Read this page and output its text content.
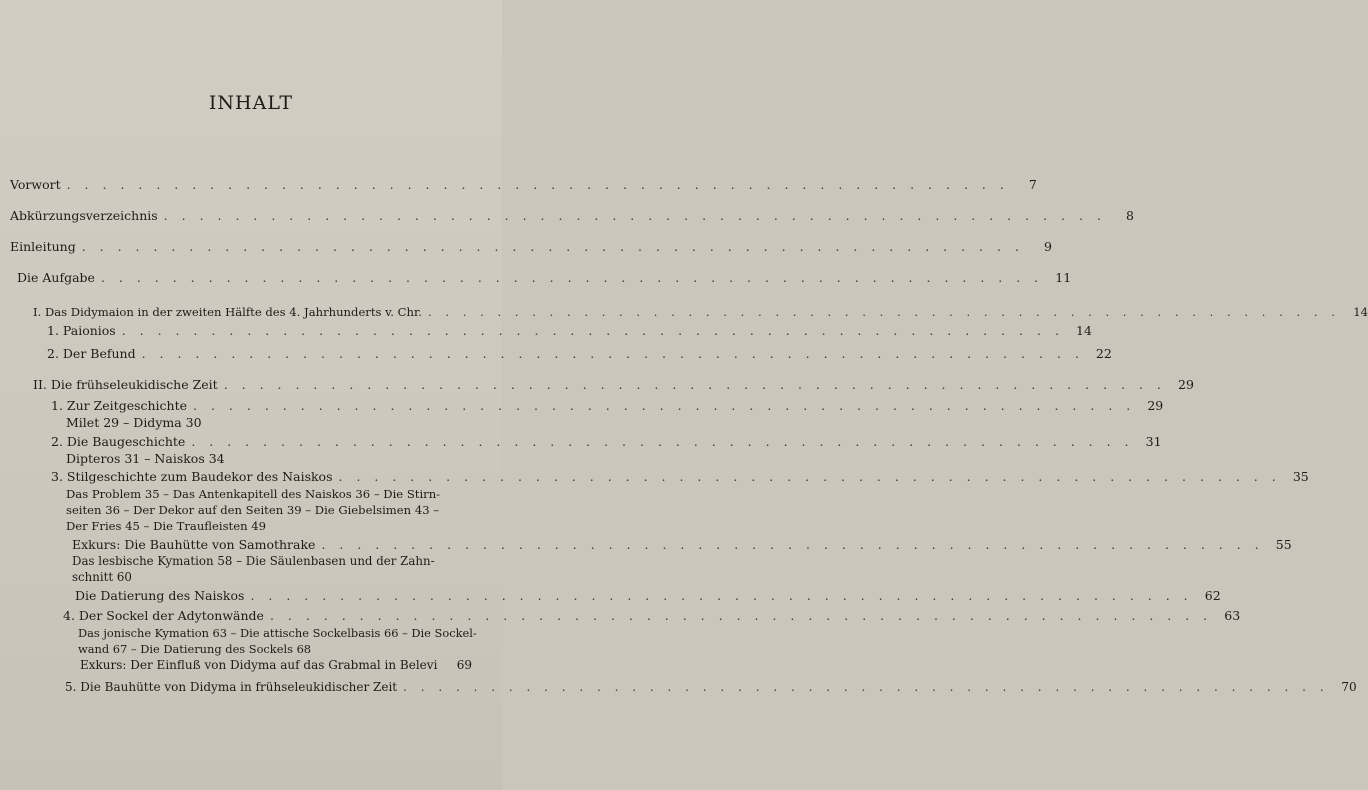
INHALT
Vorwort . . . . . . . . . . . . . . . . . . . . . . . . . . . . . . . . . . . . . . . . . . . . . . . . . . . . .	7
Abkürzungsverzeichnis . . . . . . . . . . . . . . . . . . . . . . . . . . . . . . . . . . . . . . . . . . . . . . . . . . . . .	8
Einleitung . . . . . . . . . . . . . . . . . . . . . . . . . . . . . . . . . . . . . . . . . . . . . . . . . . . . .	9
Die Aufgabe . . . . . . . . . . . . . . . . . . . . . . . . . . . . . . . . . . . . . . . . . . . . . . . . . . . . . 11
I. Das Didymaion in der zweiten Hälfte des 4. Jahrhunderts v. Chr. . . . . . . . . . . . . . . . . . . . . . . . . . . . . . . . . . . . . . . . . . . . . . . . . . . . . .	14
1. Paionios . . . . . . . . . . . . . . . . . . . . . . . . . . . . . . . . . . . . . . . . . . . . . . . . . . . . . 14
2. Der Befund . . . . . . . . . . . . . . . . . . . . . . . . . . . . . . . . . . . . . . . . . . . . . . . . . . . . . 22
II. Die frühseleukidische Zeit . . . . . . . . . . . . . . . . . . . . . . . . . . . . . . . . . . . . . . . . . . . . . . . . . . . . . 29
1. Zur Zeitgeschichte . . . . . . . . . . . . . . . . . . . . . . . . . . . . . . . . . . . . . . . . . . . . . . . . . . . . . 29
Milet 29 – Didyma 30
2. Die Baugeschichte . . . . . . . . . . . . . . . . . . . . . . . . . . . . . . . . . . . . . . . . . . . . . . . . . . . . . 31
Dipteros 31 – Naiskos 34
3. Stilgeschichte zum Baudekor des Naiskos . . . . . . . . . . . . . . . . . . . . . . . . . . . . . . . . . . . . . . . . . . . . . . . . . . . . . 35
Das Problem 35 – Das Antenkapitell des Naiskos 36 – Die Stirn-
seiten 36 – Der Dekor auf den Seiten 39 – Die Giebelsimen 43 –
Der Fries 45 – Die Traufleisten 49
Exkurs: Die Bauhütte von Samothrake . . . . . . . . . . . . . . . . . . . . . . . . . . . . . . . . . . . . . . . . . . . . . . . . . . . . . 55
Das lesbische Kymation 58 – Die Säulenbasen und der Zahn-
schnitt 60
Die Datierung des Naiskos . . . . . . . . . . . . . . . . . . . . . . . . . . . . . . . . . . . . . . . . . . . . . . . . . . . . . 62
4. Der Sockel der Adytonwände . . . . . . . . . . . . . . . . . . . . . . . . . . . . . . . . . . . . . . . . . . . . . . . . . . . . . 63
Das jonische Kymation 63 – Die attische Sockelbasis 66 – Die Sockel-
wand 67 – Die Datierung des Sockels 68
Exkurs: Der Einfluß von Didyma auf das Grabmal in Belevi	69
5. Die Bauhütte von Didyma in frühseleukidischer Zeit . . . . . . . . . . . . . . . . . . . . . . . . . . . . . . . . . . . . . . . . . . . . . . . . . . . . .	70
